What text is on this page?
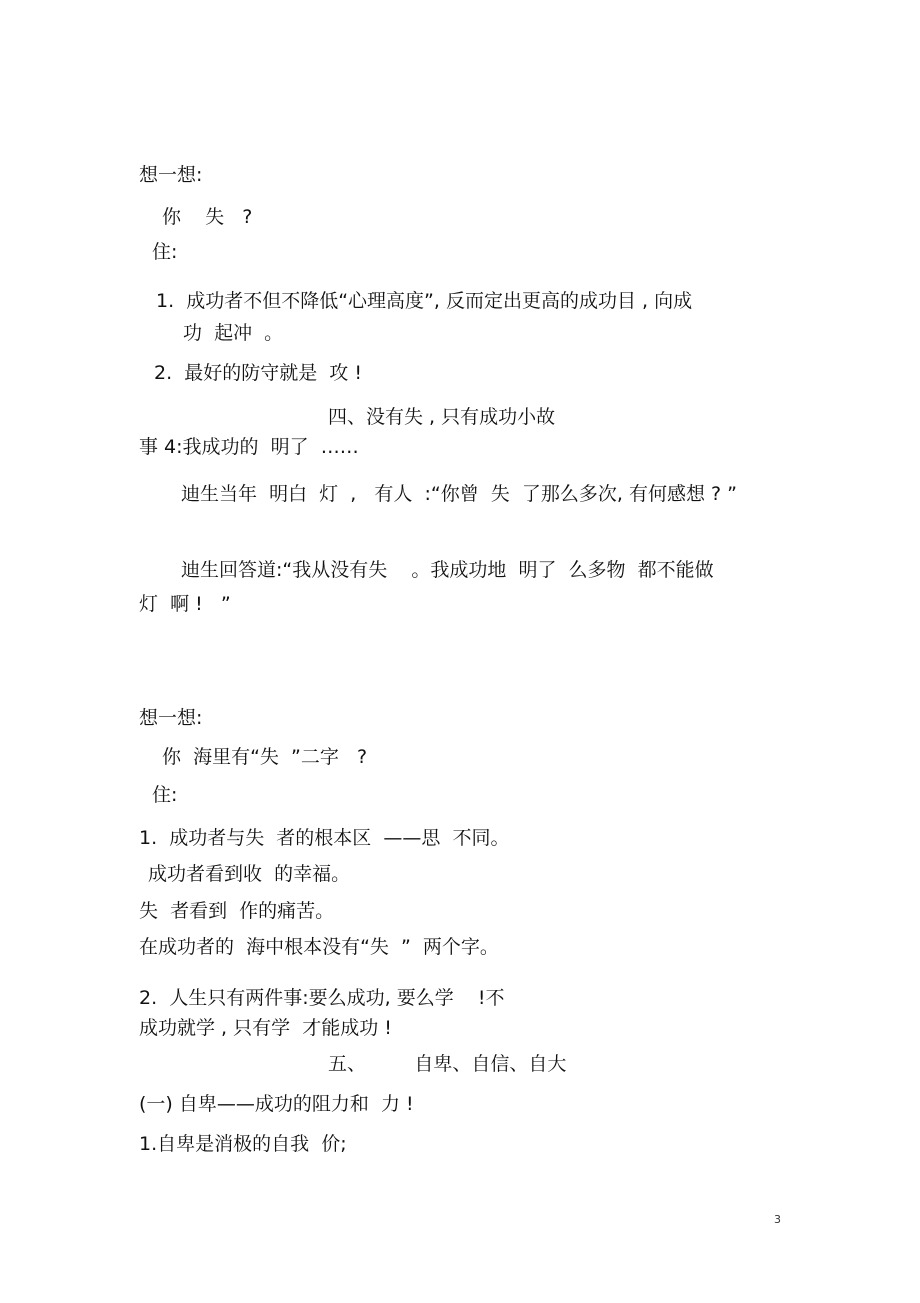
想一想:
你    失   ?
住:
1.  成功者不但不降低“心理高度”, 反而定出更高的成功目 , 向成
功  起冲  。
2.  最好的防守就是  攻 !
四、没有失 , 只有成功小故
事 4:我成功的  明了  ……
迪生当年  明白  灯  ,   有人  :“你曾  失  了那么多次, 有何感想 ? ”
迪生回答道:“我从没有失    。我成功地  明了  么多物  都不能做
灯  啊 !   ”
想一想:
你  海里有“失  ”二字   ?
住:
1.  成功者与失  者的根本区  ——思  不同。
成功者看到收  的幸福。
失  者看到  作的痛苦。
在成功者的  海中根本没有“失  ”  两个字。
2.  人生只有两件事:要么成功, 要么学    !不
成功就学 , 只有学  才能成功 !
五、        自卑、自信、自大
(一) 自卑——成功的阻力和  力 !
1.自卑是消极的自我  价;
3
